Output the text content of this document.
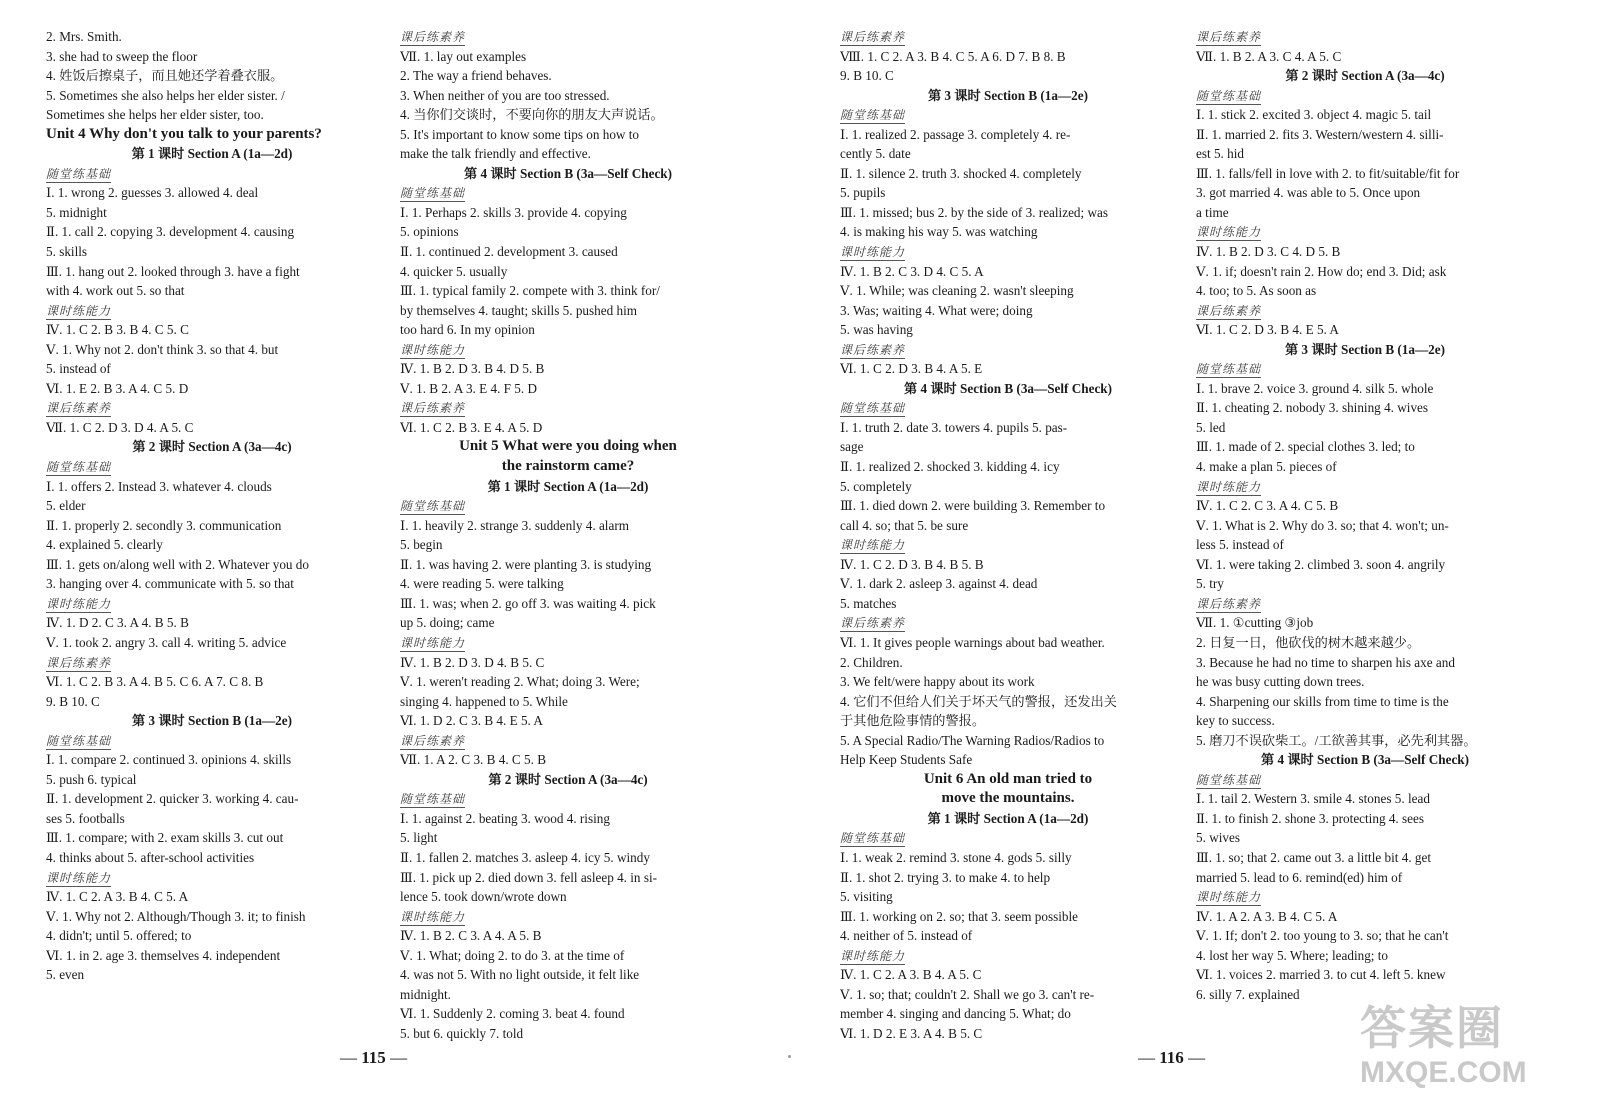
2. Mrs. Smith.
3. she had to sweep the floor
4. 姓饭后擦桌子，而且她还学着叠衣服。
5. Sometimes she also helps her elder sister. /
Sometimes she helps her elder sister, too.
Unit 4 Why don't you talk to your parents?
第 1 课时 Section A (1a—2d)
随堂练基础
Ⅰ. 1. wrong 2. guesses 3. allowed 4. deal
5. midnight
Ⅱ. 1. call 2. copying 3. development 4. causing
5. skills
Ⅲ. 1. hang out 2. looked through 3. have a fight
with 4. work out 5. so that
课时练能力
Ⅳ. 1. C 2. B 3. B 4. C 5. C
Ⅴ. 1. Why not 2. don't think 3. so that 4. but
5. instead of
Ⅵ. 1. E 2. B 3. A 4. C 5. D
课后练素养
Ⅶ. 1. C 2. D 3. D 4. A 5. C
第 2 课时 Section A (3a—4c)
随堂练基础
Ⅰ. 1. offers 2. Instead 3. whatever 4. clouds
5. elder
Ⅱ. 1. properly 2. secondly 3. communication
4. explained 5. clearly
Ⅲ. 1. gets on/along well with 2. Whatever you do
3. hanging over 4. communicate with 5. so that
课时练能力
Ⅳ. 1. D 2. C 3. A 4. B 5. B
Ⅴ. 1. took 2. angry 3. call 4. writing 5. advice
课后练素养
Ⅵ. 1. C 2. B 3. A 4. B 5. C 6. A 7. C 8. B
9. B 10. C
第 3 课时 Section B (1a—2e)
随堂练基础
Ⅰ. 1. compare 2. continued 3. opinions 4. skills
5. push 6. typical
Ⅱ. 1. development 2. quicker 3. working 4. cau-
ses 5. footballs
Ⅲ. 1. compare; with 2. exam skills 3. cut out
4. thinks about 5. after-school activities
课时练能力
Ⅳ. 1. C 2. A 3. B 4. C 5. A
Ⅴ. 1. Why not 2. Although/Though 3. it; to finish
4. didn't; until 5. offered; to
Ⅵ. 1. in 2. age 3. themselves 4. independent
5. even
课后练素养
Ⅶ. 1. lay out examples
2. The way a friend behaves.
3. When neither of you are too stressed.
4. 当你们交谈时，不要向你的朋友大声说话。
5. It's important to know some tips on how to
make the talk friendly and effective.
第 4 课时 Section B (3a—Self Check)
随堂练基础
Ⅰ. 1. Perhaps 2. skills 3. provide 4. copying
5. opinions
Ⅱ. 1. continued 2. development 3. caused
4. quicker 5. usually
Ⅲ. 1. typical family 2. compete with 3. think for/
by themselves 4. taught; skills 5. pushed him
too hard 6. In my opinion
课时练能力
Ⅳ. 1. B 2. D 3. B 4. D 5. B
Ⅴ. 1. B 2. A 3. E 4. F 5. D
课后练素养
Ⅵ. 1. C 2. B 3. E 4. A 5. D
Unit 5 What were you doing when
the rainstorm came?
第 1 课时 Section A (1a—2d)
随堂练基础
Ⅰ. 1. heavily 2. strange 3. suddenly 4. alarm
5. begin
Ⅱ. 1. was having 2. were planting 3. is studying
4. were reading 5. were talking
Ⅲ. 1. was; when 2. go off 3. was waiting 4. pick
up 5. doing; came
课时练能力
Ⅳ. 1. B 2. D 3. D 4. B 5. C
Ⅴ. 1. weren't reading 2. What; doing 3. Were;
singing 4. happened to 5. While
Ⅵ. 1. D 2. C 3. B 4. E 5. A
课后练素养
Ⅶ. 1. A 2. C 3. B 4. C 5. B
第 2 课时 Section A (3a—4c)
随堂练基础
Ⅰ. 1. against 2. beating 3. wood 4. rising
5. light
Ⅱ. 1. fallen 2. matches 3. asleep 4. icy 5. windy
Ⅲ. 1. pick up 2. died down 3. fell asleep 4. in si-
lence 5. took down/wrote down
课时练能力
Ⅳ. 1. B 2. C 3. A 4. A 5. B
Ⅴ. 1. What; doing 2. to do 3. at the time of
4. was not 5. With no light outside, it felt like
midnight.
Ⅵ. 1. Suddenly 2. coming 3. beat 4. found
5. but 6. quickly 7. told
课后练素养
Ⅷ. 1. C 2. A 3. B 4. C 5. A 6. D 7. B 8. B
9. B 10. C
第 3 课时 Section B (1a—2e)
随堂练基础
Ⅰ. 1. realized 2. passage 3. completely 4. re-
cently 5. date
Ⅱ. 1. silence 2. truth 3. shocked 4. completely
5. pupils
Ⅲ. 1. missed; bus 2. by the side of 3. realized; was
4. is making his way 5. was watching
课时练能力
Ⅳ. 1. B 2. C 3. D 4. C 5. A
Ⅴ. 1. While; was cleaning 2. wasn't sleeping
3. Was; waiting 4. What were; doing
5. was having
课后练素养
Ⅵ. 1. C 2. D 3. B 4. A 5. E
第 4 课时 Section B (3a—Self Check)
随堂练基础
Ⅰ. 1. truth 2. date 3. towers 4. pupils 5. pas-
sage
Ⅱ. 1. realized 2. shocked 3. kidding 4. icy
5. completely
Ⅲ. 1. died down 2. were building 3. Remember to
call 4. so; that 5. be sure
课时练能力
Ⅳ. 1. C 2. D 3. B 4. B 5. B
Ⅴ. 1. dark 2. asleep 3. against 4. dead
5. matches
课后练素养
Ⅵ. 1. It gives people warnings about bad weather.
2. Children.
3. We felt/were happy about its work
4. 它们不但给人们关于坏天气的警报，还发出关
于其他危险事情的警报。
5. A Special Radio/The Warning Radios/Radios to
Help Keep Students Safe
Unit 6 An old man tried to
move the mountains.
第 1 课时 Section A (1a—2d)
随堂练基础
Ⅰ. 1. weak 2. remind 3. stone 4. gods 5. silly
Ⅱ. 1. shot 2. trying 3. to make 4. to help
5. visiting
Ⅲ. 1. working on 2. so; that 3. seem possible
4. neither of 5. instead of
课时练能力
Ⅳ. 1. C 2. A 3. B 4. A 5. C
Ⅴ. 1. so; that; couldn't 2. Shall we go 3. can't re-
member 4. singing and dancing 5. What; do
Ⅵ. 1. D 2. E 3. A 4. B 5. C
课后练素养
Ⅶ. 1. B 2. A 3. C 4. A 5. C
第 2 课时 Section A (3a—4c)
随堂练基础
Ⅰ. 1. stick 2. excited 3. object 4. magic 5. tail
Ⅱ. 1. married 2. fits 3. Western/western 4. silli-
est 5. hid
Ⅲ. 1. falls/fell in love with 2. to fit/suitable/fit for
3. got married 4. was able to 5. Once upon
a time
课时练能力
Ⅳ. 1. B 2. D 3. C 4. D 5. B
Ⅴ. 1. if; doesn't rain 2. How do; end 3. Did; ask
4. too; to 5. As soon as
课后练素养
Ⅵ. 1. C 2. D 3. B 4. E 5. A
第 3 课时 Section B (1a—2e)
随堂练基础
Ⅰ. 1. brave 2. voice 3. ground 4. silk 5. whole
Ⅱ. 1. cheating 2. nobody 3. shining 4. wives
5. led
Ⅲ. 1. made of 2. special clothes 3. led; to
4. make a plan 5. pieces of
课时练能力
Ⅳ. 1. C 2. C 3. A 4. C 5. B
Ⅴ. 1. What is 2. Why do 3. so; that 4. won't; un-
less 5. instead of
Ⅵ. 1. were taking 2. climbed 3. soon 4. angrily
5. try
课后练素养
Ⅶ. 1. ①cutting ③job
2. 日复一日，他砍伐的树木越来越少。
3. Because he had no time to sharpen his axe and
he was busy cutting down trees.
4. Sharpening our skills from time to time is the
key to success.
5. 磨刀不误砍柴工。/工欲善其事，必先利其器。
第 4 课时 Section B (3a—Self Check)
随堂练基础
Ⅰ. 1. tail 2. Western 3. smile 4. stones 5. lead
Ⅱ. 1. to finish 2. shone 3. protecting 4. sees
5. wives
Ⅲ. 1. so; that 2. came out 3. a little bit 4. get
married 5. lead to 6. remind(ed) him of
课时练能力
Ⅳ. 1. A 2. A 3. B 4. C 5. A
Ⅴ. 1. If; don't 2. too young to 3. so; that he can't
4. lost her way 5. Where; leading; to
Ⅵ. 1. voices 2. married 3. to cut 4. left 5. knew
6. silly 7. explained
— 115 —	— 116 —
答案圈
MXQE.COM
